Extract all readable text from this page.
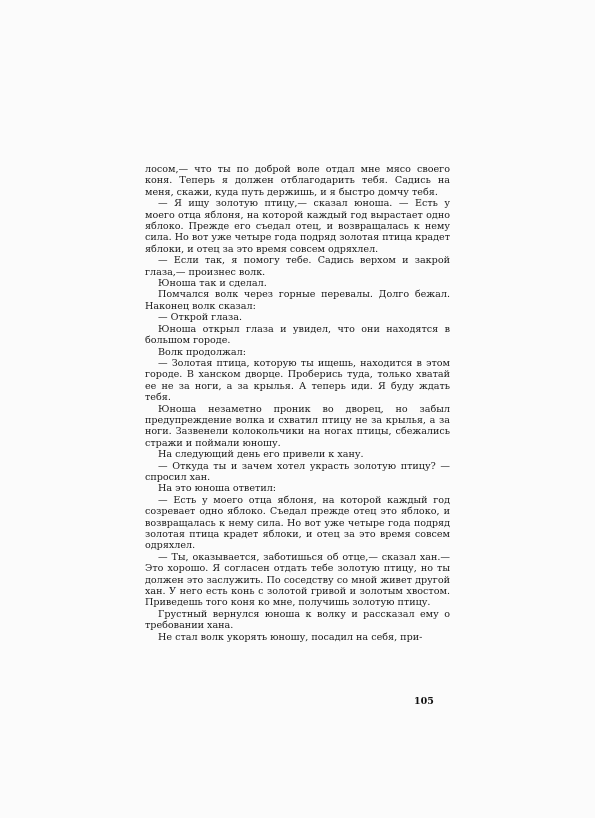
лосом,— что ты по доброй воле отдал мне мясо своего коня. Теперь я должен отблагодарить тебя. Садись на меня, скажи, куда путь держишь, и я быстро домчу тебя.

— Я ищу золотую птицу,— сказал юноша. — Есть у моего отца яблоня, на которой каждый год вырастает одно яблоко. Прежде его съедал отец, и возвращалась к нему сила. Но вот уже четыре года подряд золотая птица крадет яблоки, и отец за это время совсем одряхлел.

— Если так, я помогу тебе. Садись верхом и закрой глаза,— произнес волк.

Юноша так и сделал.

Помчался волк через горные перевалы. Долго бежал. Наконец волк сказал:

— Открой глаза.

Юноша открыл глаза и увидел, что они находятся в большом городе.

Волк продолжал:

— Золотая птица, которую ты ищешь, находится в этом городе. В ханском дворце. Проберись туда, только хватай ее не за ноги, а за крылья. А теперь иди. Я буду ждать тебя.

Юноша незаметно проник во дворец, но забыл предупреждение волка и схватил птицу не за крылья, а за ноги. Зазвенели колокольчики на ногах птицы, сбежались стражи и поймали юношу.

На следующий день его привели к хану.

— Откуда ты и зачем хотел украсть золотую птицу? — спросил хан.

На это юноша ответил:

— Есть у моего отца яблоня, на которой каждый год созревает одно яблоко. Съедал прежде отец это яблоко, и возвращалась к нему сила. Но вот уже четыре года подряд золотая птица крадет яблоки, и отец за это время совсем одряхлел.

— Ты, оказывается, заботишься об отце,— сказал хан.— Это хорошо. Я согласен отдать тебе золотую птицу, но ты должен это заслужить. По соседству со мной живет другой хан. У него есть конь с золотой гривой и золотым хвостом. Приведешь того коня ко мне, получишь золотую птицу.

Грустный вернулся юноша к волку и рассказал ему о требовании хана.

Не стал волк укорять юношу, посадил на себя, при-

105
